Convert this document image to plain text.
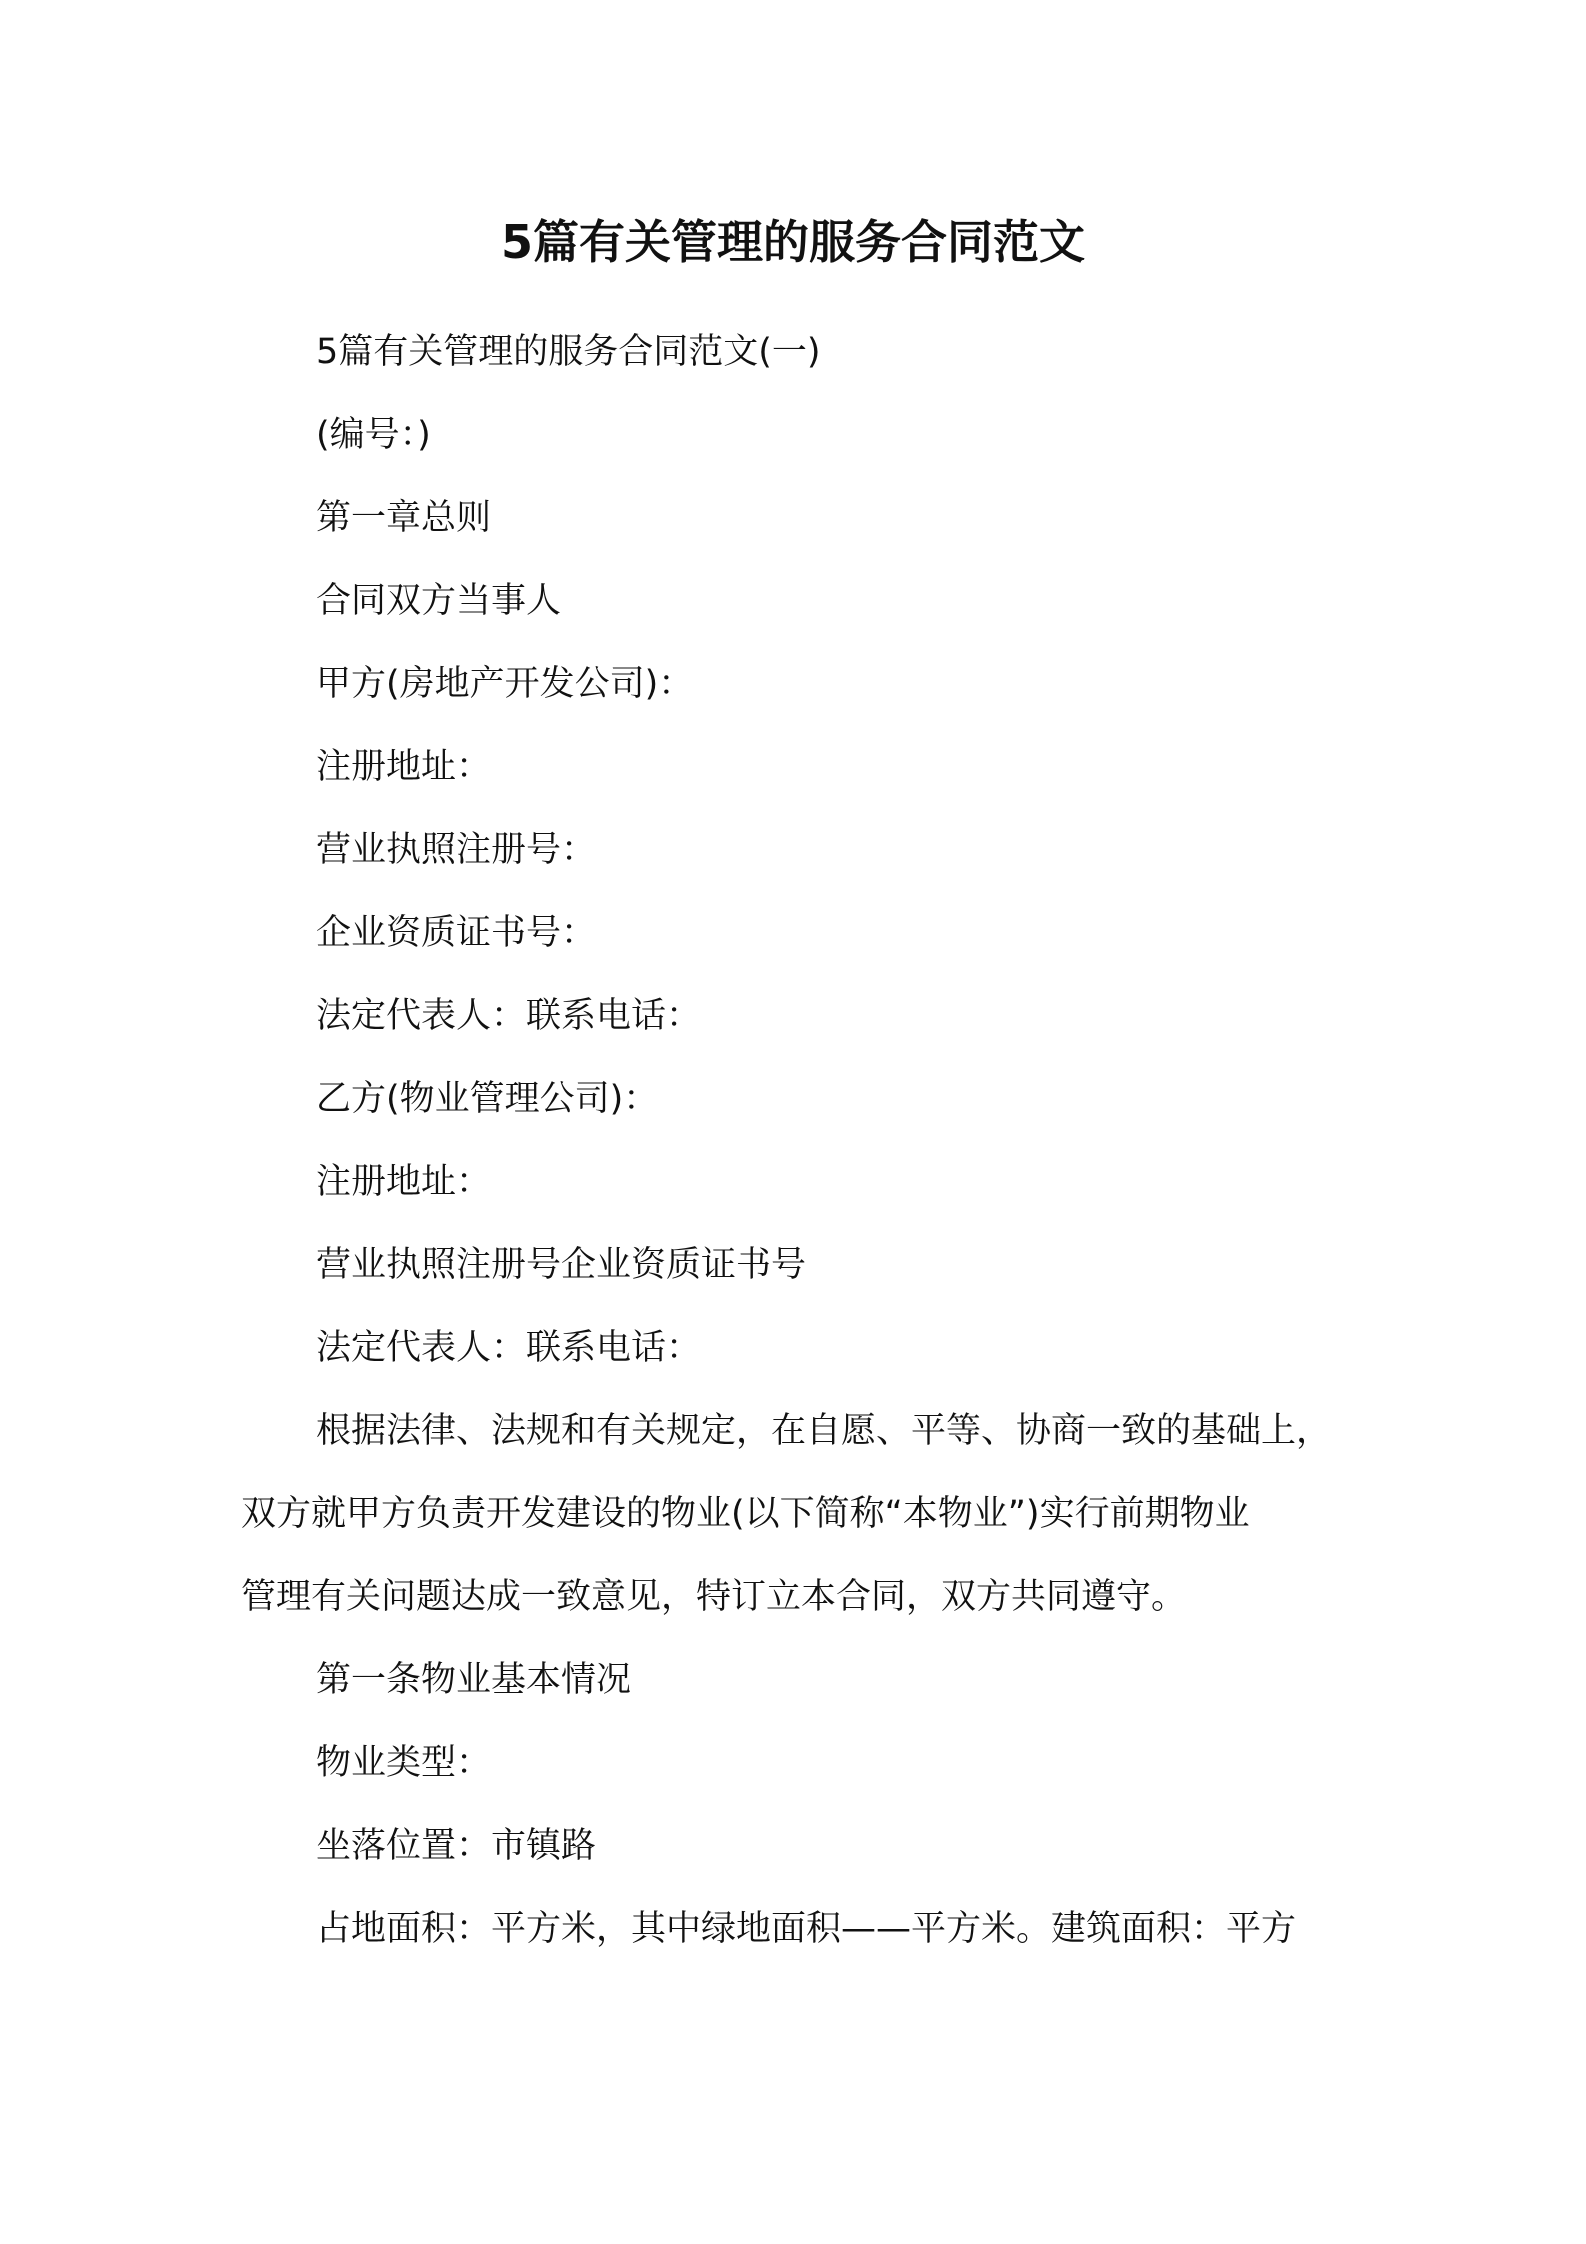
5篇有关管理的服务合同范文
5篇有关管理的服务合同范文(一)
(编号：)
第一章总则
合同双方当事人
甲方(房地产开发公司)：
注册地址：
营业执照注册号：
企业资质证书号：
法定代表人：联系电话：
乙方(物业管理公司)：
注册地址：
营业执照注册号企业资质证书号
法定代表人：联系电话：
根据法律、法规和有关规定，在自愿、平等、协商一致的基础上，
双方就甲方负责开发建设的物业(以下简称“本物业”)实行前期物业
管理有关问题达成一致意见，特订立本合同，双方共同遵守。
第一条物业基本情况
物业类型：
坐落位置：市镇路
占地面积：平方米，其中绿地面积——平方米。建筑面积：平方
